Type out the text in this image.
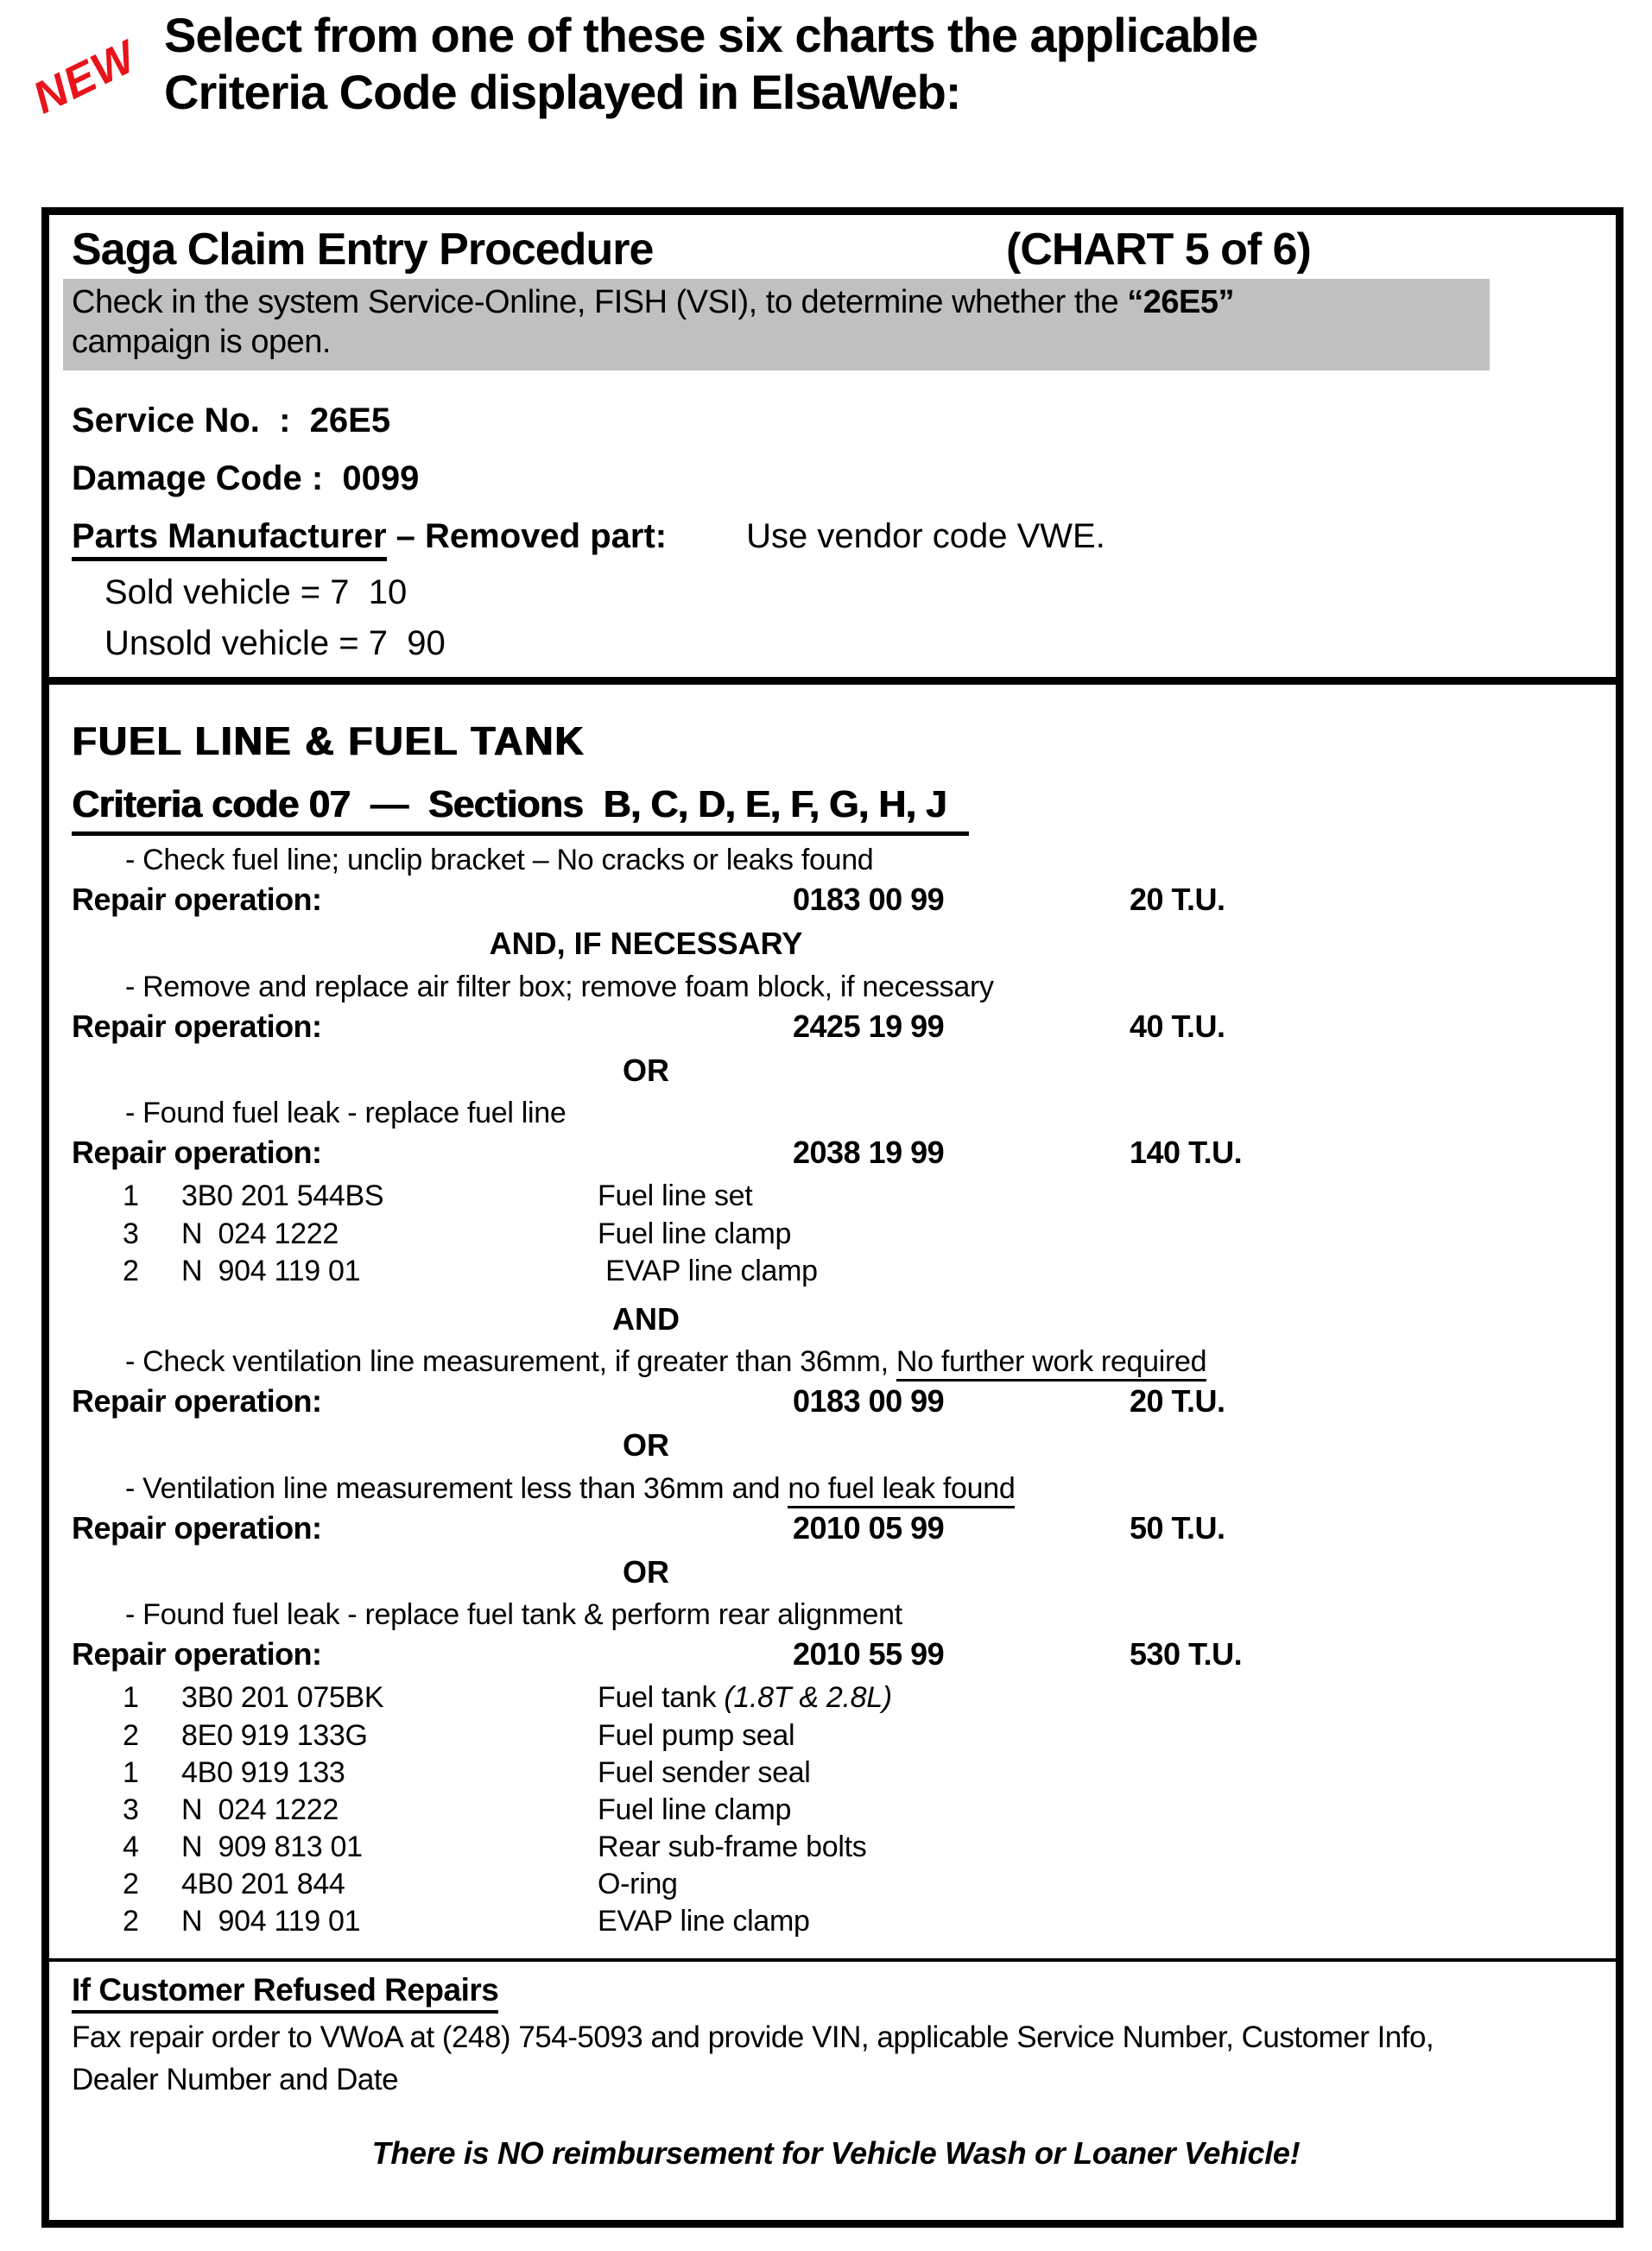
NEW Select from one of these six charts the applicable
Criteria Code displayed in ElsaWeb:
Saga Claim Entry Procedure	(CHART 5 of 6)
Check in the system Service-Online, FISH (VSI), to determine whether the “26E5”
campaign is open.
Service No.  :  26E5
Damage Code :  0099
Parts Manufacturer – Removed part: Use vendor code VWE.
Sold vehicle = 7  10
Unsold vehicle = 7  90
FUEL LINE & FUEL TANK
Criteria code 07  —  Sections  B, C, D, E, F, G, H, J
- Check fuel line; unclip bracket – No cracks or leaks found
Repair operation:	0183 00 99	20 T.U.
AND, IF NECESSARY
- Remove and replace air filter box; remove foam block, if necessary
Repair operation:	2425 19 99	40 T.U.
OR
- Found fuel leak - replace fuel line
Repair operation:	2038 19 99	140 T.U.
1	3B0 201 544BS	Fuel line set
3	N  024 1222	Fuel line clamp
2	N  904 119 01	EVAP line clamp
AND
- Check ventilation line measurement, if greater than 36mm, No further work required
Repair operation:	0183 00 99	20 T.U.
OR
- Ventilation line measurement less than 36mm and no fuel leak found
Repair operation:	2010 05 99	50 T.U.
OR
- Found fuel leak - replace fuel tank & perform rear alignment
Repair operation:	2010 55 99	530 T.U.
1	3B0 201 075BK	Fuel tank (1.8T & 2.8L)
2	8E0 919 133G	Fuel pump seal
1	4B0 919 133	Fuel sender seal
3	N  024 1222	Fuel line clamp
4	N  909 813 01	Rear sub-frame bolts
2	4B0 201 844	O-ring
2	N  904 119 01	EVAP line clamp
If Customer Refused Repairs
Fax repair order to VWoA at (248) 754-5093 and provide VIN, applicable Service Number, Customer Info,
Dealer Number and Date
There is NO reimbursement for Vehicle Wash or Loaner Vehicle!
